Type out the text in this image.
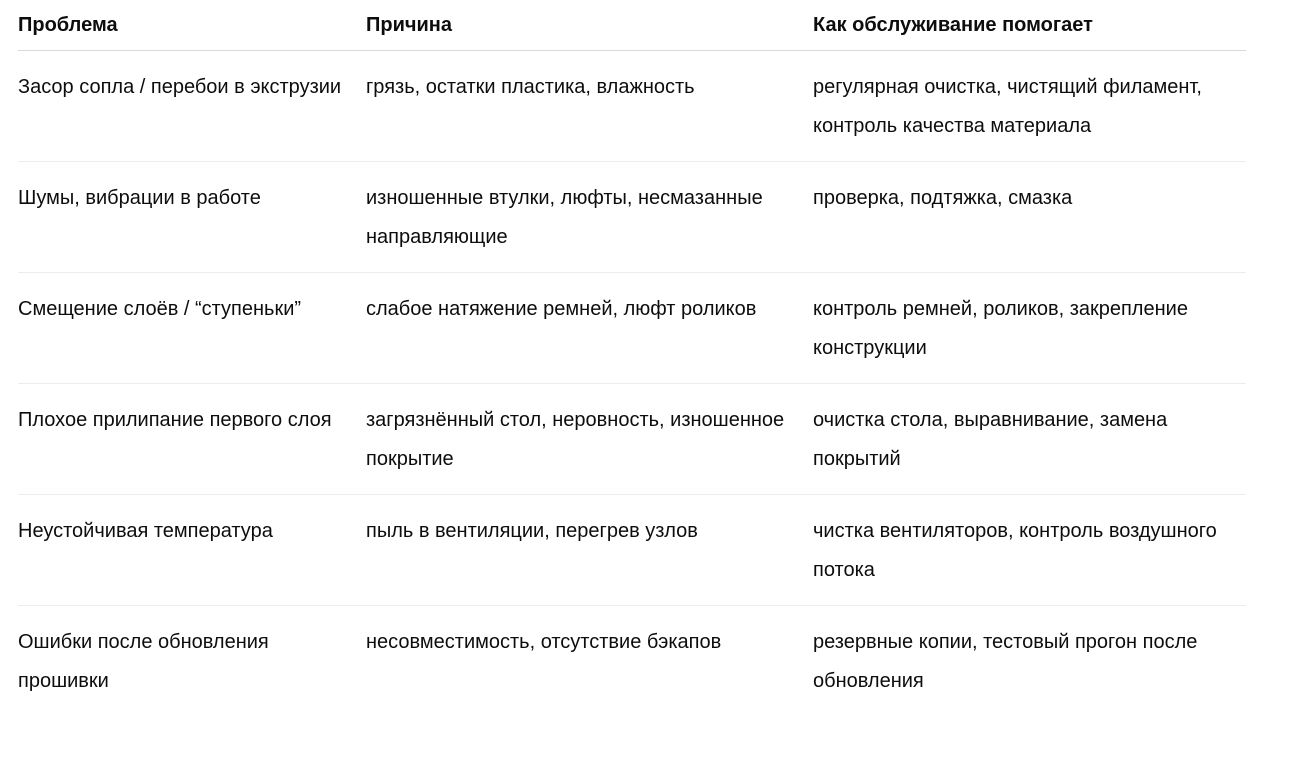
Проблема	Причина	Как обслуживание помогает
Засор сопла / перебои в экструзии	грязь, остатки пластика, влажность	регулярная очистка, чистящий филамент, контроль качества материала
Шумы, вибрации в работе	изношенные втулки, люфты, несмазанные направляющие	проверка, подтяжка, смазка
Смещение слоёв / “ступеньки”	слабое натяжение ремней, люфт роликов	контроль ремней, роликов, закрепление конструкции
Плохое прилипание первого слоя	загрязнённый стол, неровность, изношенное покрытие	очистка стола, выравнивание, замена покрытий
Неустойчивая температура	пыль в вентиляции, перегрев узлов	чистка вентиляторов, контроль воздушного потока
Ошибки после обновления прошивки	несовместимость, отсутствие бэкапов	резервные копии, тестовый прогон после обновления
